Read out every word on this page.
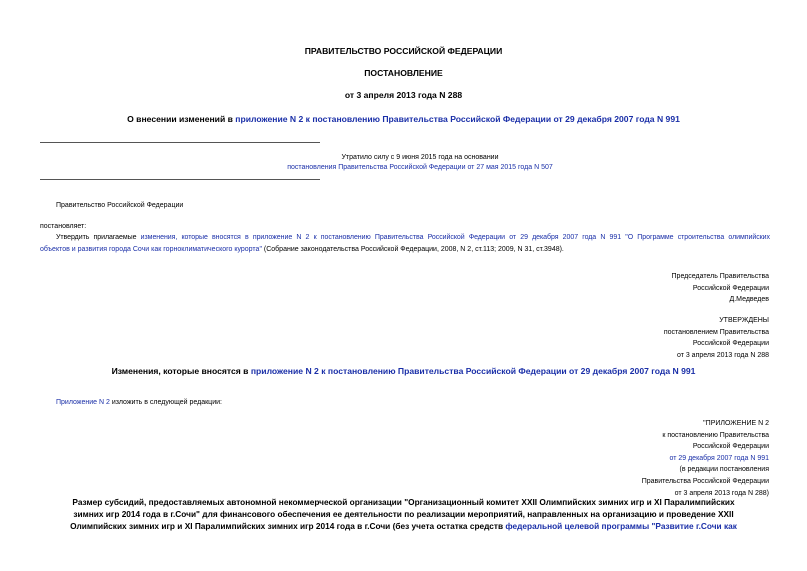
ПРАВИТЕЛЬСТВО РОССИЙСКОЙ ФЕДЕРАЦИИ
ПОСТАНОВЛЕНИЕ
от 3 апреля 2013 года N 288
О внесении изменений в приложение N 2 к постановлению Правительства Российской Федерации от 29 декабря 2007 года N 991
Утратило силу с 9 июня 2015 года на основании
постановления Правительства Российской Федерации от 27 мая 2015 года N 507
Правительство Российской Федерации
постановляет:
Утвердить прилагаемые изменения, которые вносятся в приложение N 2 к постановлению Правительства Российской Федерации от 29 декабря 2007 года N 991 "О Программе строительства олимпийских
объектов и развития города Сочи как горноклиматического курорта" (Собрание законодательства Российской Федерации, 2008, N 2, ст.113; 2009, N 31, ст.3948).
Председатель Правительства
Российской Федерации
Д.Медведев
УТВЕРЖДЕНЫ
постановлением Правительства
Российской Федерации
от 3 апреля 2013 года N 288
Изменения, которые вносятся в приложение N 2 к постановлению Правительства Российской Федерации от 29 декабря 2007 года N 991
Приложение N 2 изложить в следующей редакции:
"ПРИЛОЖЕНИЕ N 2
к постановлению Правительства
Российской Федерации
от 29 декабря 2007 года N 991
(в редакции постановления
Правительства Российской Федерации
от 3 апреля 2013 года N 288)
Размер субсидий, предоставляемых автономной некоммерческой организации "Организационный комитет XXII Олимпийских зимних игр и XI Паралимпийских
зимних игр 2014 года в г.Сочи" для финансового обеспечения ее деятельности по реализации мероприятий, направленных на организацию и проведение XXII
Олимпийских зимних игр и XI Паралимпийских зимних игр 2014 года в г.Сочи (без учета остатка средств федеральной целевой программы "Развитие г.Сочи как
